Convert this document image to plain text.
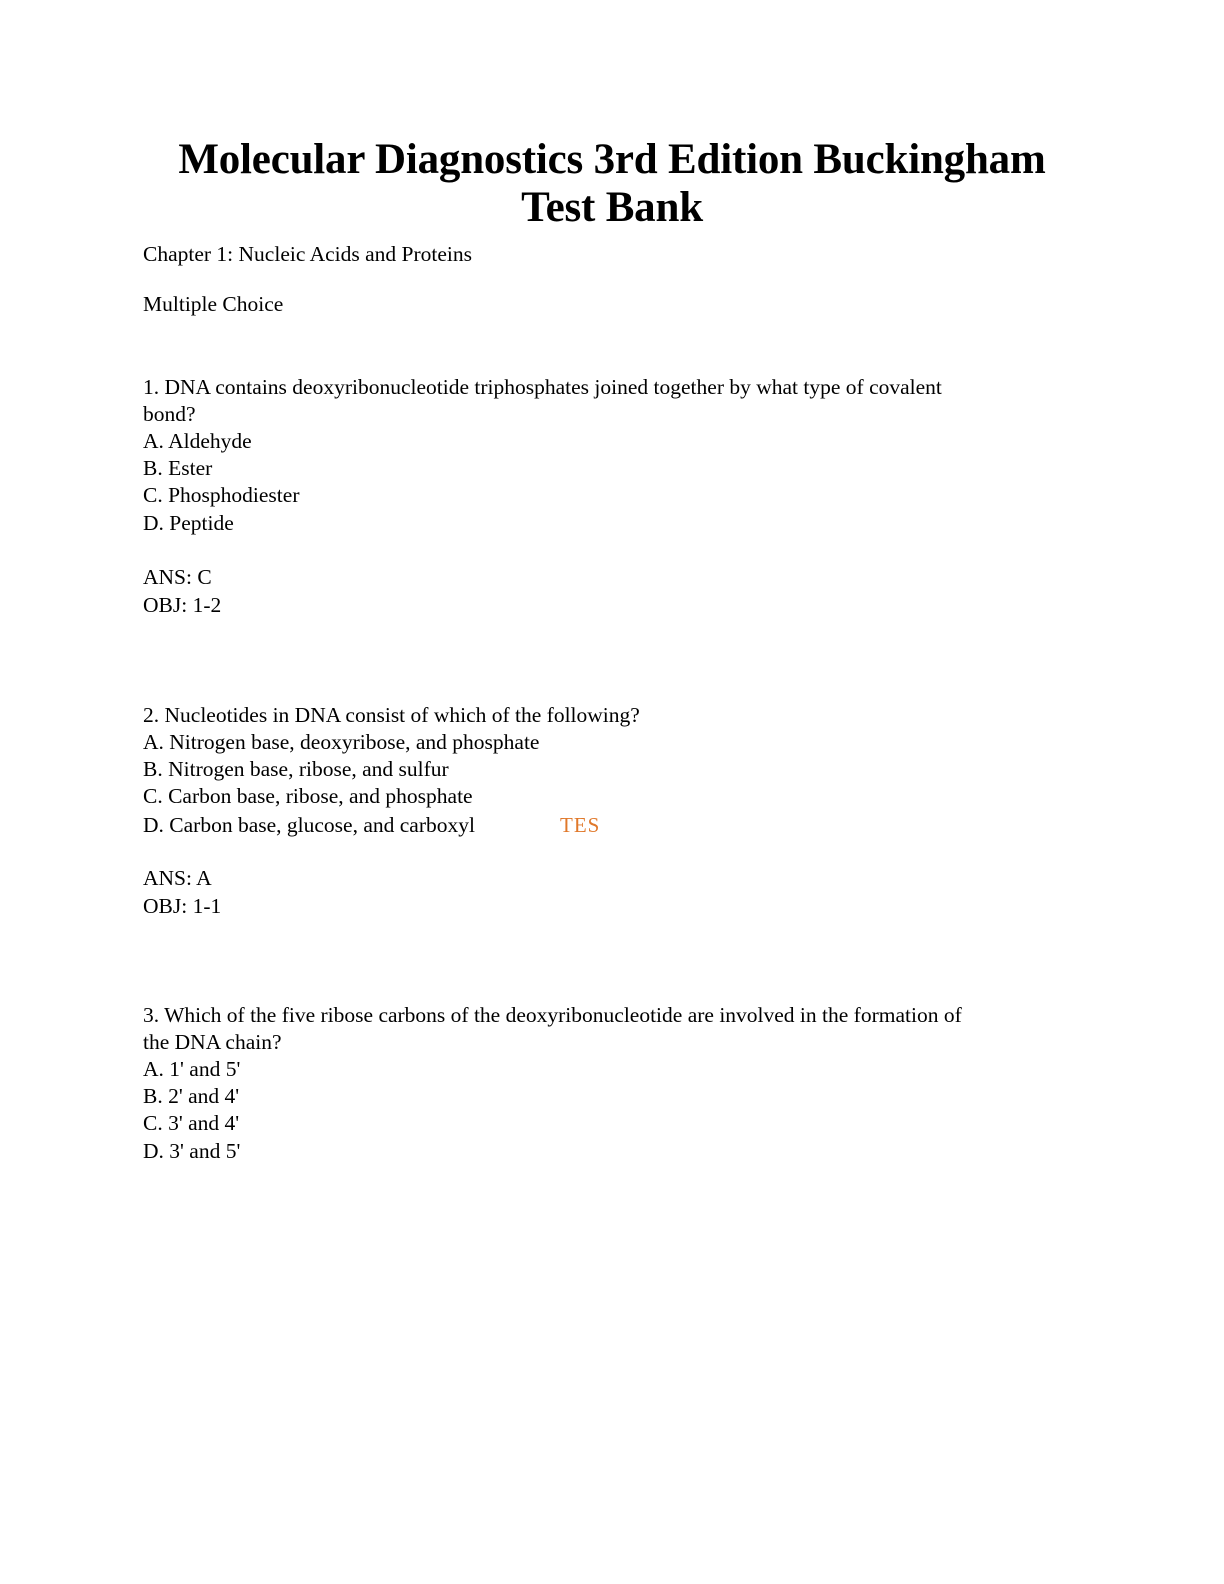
Molecular Diagnostics 3rd Edition Buckingham
Test Bank
Chapter 1: Nucleic Acids and Proteins
Multiple Choice
1. DNA contains deoxyribonucleotide triphosphates joined together by what type of covalent
bond?
A. Aldehyde
B. Ester
C. Phosphodiester
D. Peptide
ANS: C
OBJ: 1-2
2. Nucleotides in DNA consist of which of the following?
A. Nitrogen base, deoxyribose, and phosphate
B. Nitrogen base, ribose, and sulfur
C. Carbon base, ribose, and phosphate
D. Carbon base, glucose, and carboxyl
ANS: A
OBJ: 1-1
TES
3. Which of the five ribose carbons of the deoxyribonucleotide are involved in the formation of
the DNA chain?
A. 1' and 5'
B. 2' and 4'
C. 3' and 4'
D. 3' and 5'
